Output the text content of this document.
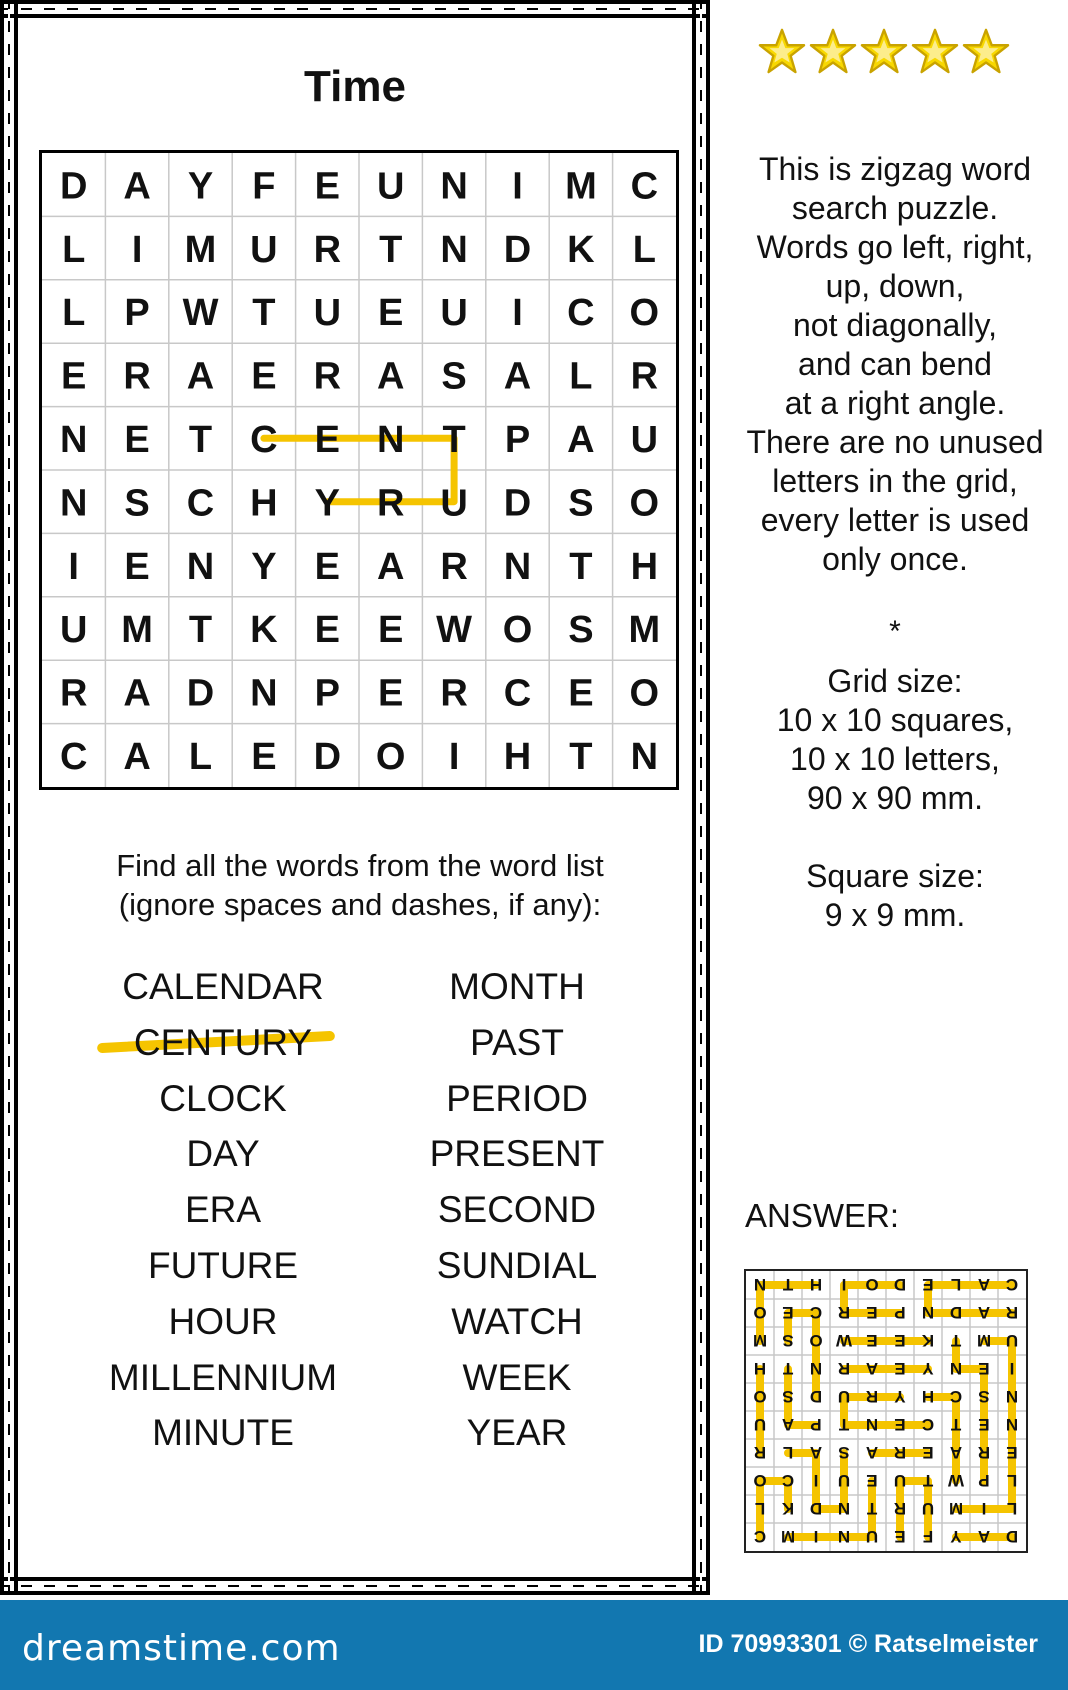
Time
D A Y F E U N I M C
L I M U R T N D K L
L P W T U E U I C O
E R A E R A S A L R
N E T C E N T P A U
N S C H Y R U D S O
I E N Y E A R N T H
U M T K E E W O S M
R A D N P E R C E O
C A L E D O I H T N
Find all the words from the word list
(ignore spaces and dashes, if any):
CALENDAR
CENTURY
CLOCK
DAY
ERA
FUTURE
HOUR
MILLENNIUM
MINUTE
MONTH
PAST
PERIOD
PRESENT
SECOND
SUNDIAL
WATCH
WEEK
YEAR
This is zigzag word
search puzzle.
Words go left, right,
up, down,
not diagonally,
and can bend
at a right angle.
There are no unused
letters in the grid,
every letter is used
only once.
*
Grid size:
10 x 10 squares,
10 x 10 letters,
90 x 90 mm.
Square size:
9 x 9 mm.
ANSWER:
D
A
Y
F
E
U
N
I
M
C
L
I
M
U
R
T
N
D
K
L
L
P
W
T
U
E
U
I
C
O
E
R
A
E
R
A
S
A
L
R
N
E
T
C
E
N
T
P
A
U
N
S
C
H
Y
R
U
D
S
O
I
E
N
Y
E
A
R
N
T
H
U
M
T
K
E
E
W
O
S
M
R
A
D
N
P
E
R
C
E
O
C
A
L
E
D
O
I
H
T
N
dreamstime.com	ID 70993301 © Ratselmeister
